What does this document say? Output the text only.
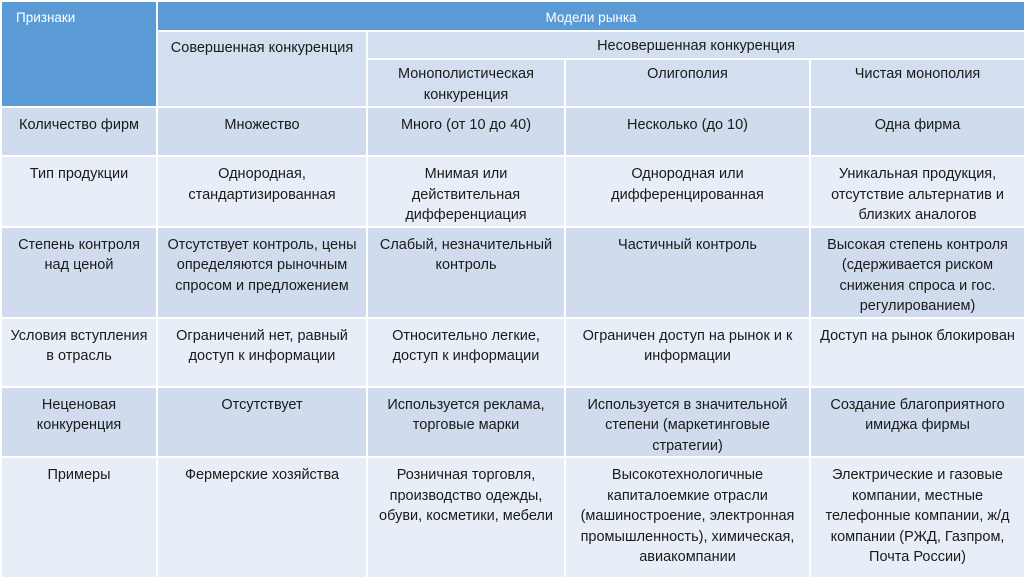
Признаки	Модели рынка			
	Совершенная конкуренция	Несовершенная конкуренция		
		Монополистическая конкуренция	Олигополия	Чистая монополия
Количество фирм	Множество	Много (от 10 до 40)	Несколько (до 10)	Одна фирма
Тип продукции	Однородная, стандартизированная	Мнимая или действительная дифференциация	Однородная или дифференцированная	Уникальная продукция, отсутствие альтернатив и близких аналогов
Степень контроля над ценой	Отсутствует контроль, цены определяются рыночным спросом и предложением	Слабый, незначительный контроль	Частичный контроль	Высокая степень контроля (сдерживается риском снижения спроса и гос. регулированием)
Условия вступления в отрасль	Ограничений нет, равный доступ к информации	Относительно легкие, доступ к информации	Ограничен доступ на рынок и к информации	Доступ на рынок блокирован
Неценовая конкуренция	Отсутствует	Используется реклама, торговые марки	Используется в значительной степени (маркетинговые стратегии)	Создание благоприятного имиджа фирмы
Примеры	Фермерские хозяйства	Розничная торговля, производство одежды, обуви, косметики, мебели	Высокотехнологичные капиталоемкие отрасли (машиностроение, электронная промышленность), химическая, авиакомпании	Электрические и газовые компании, местные телефонные компании, ж/д компании (РЖД, Газпром, Почта России)
